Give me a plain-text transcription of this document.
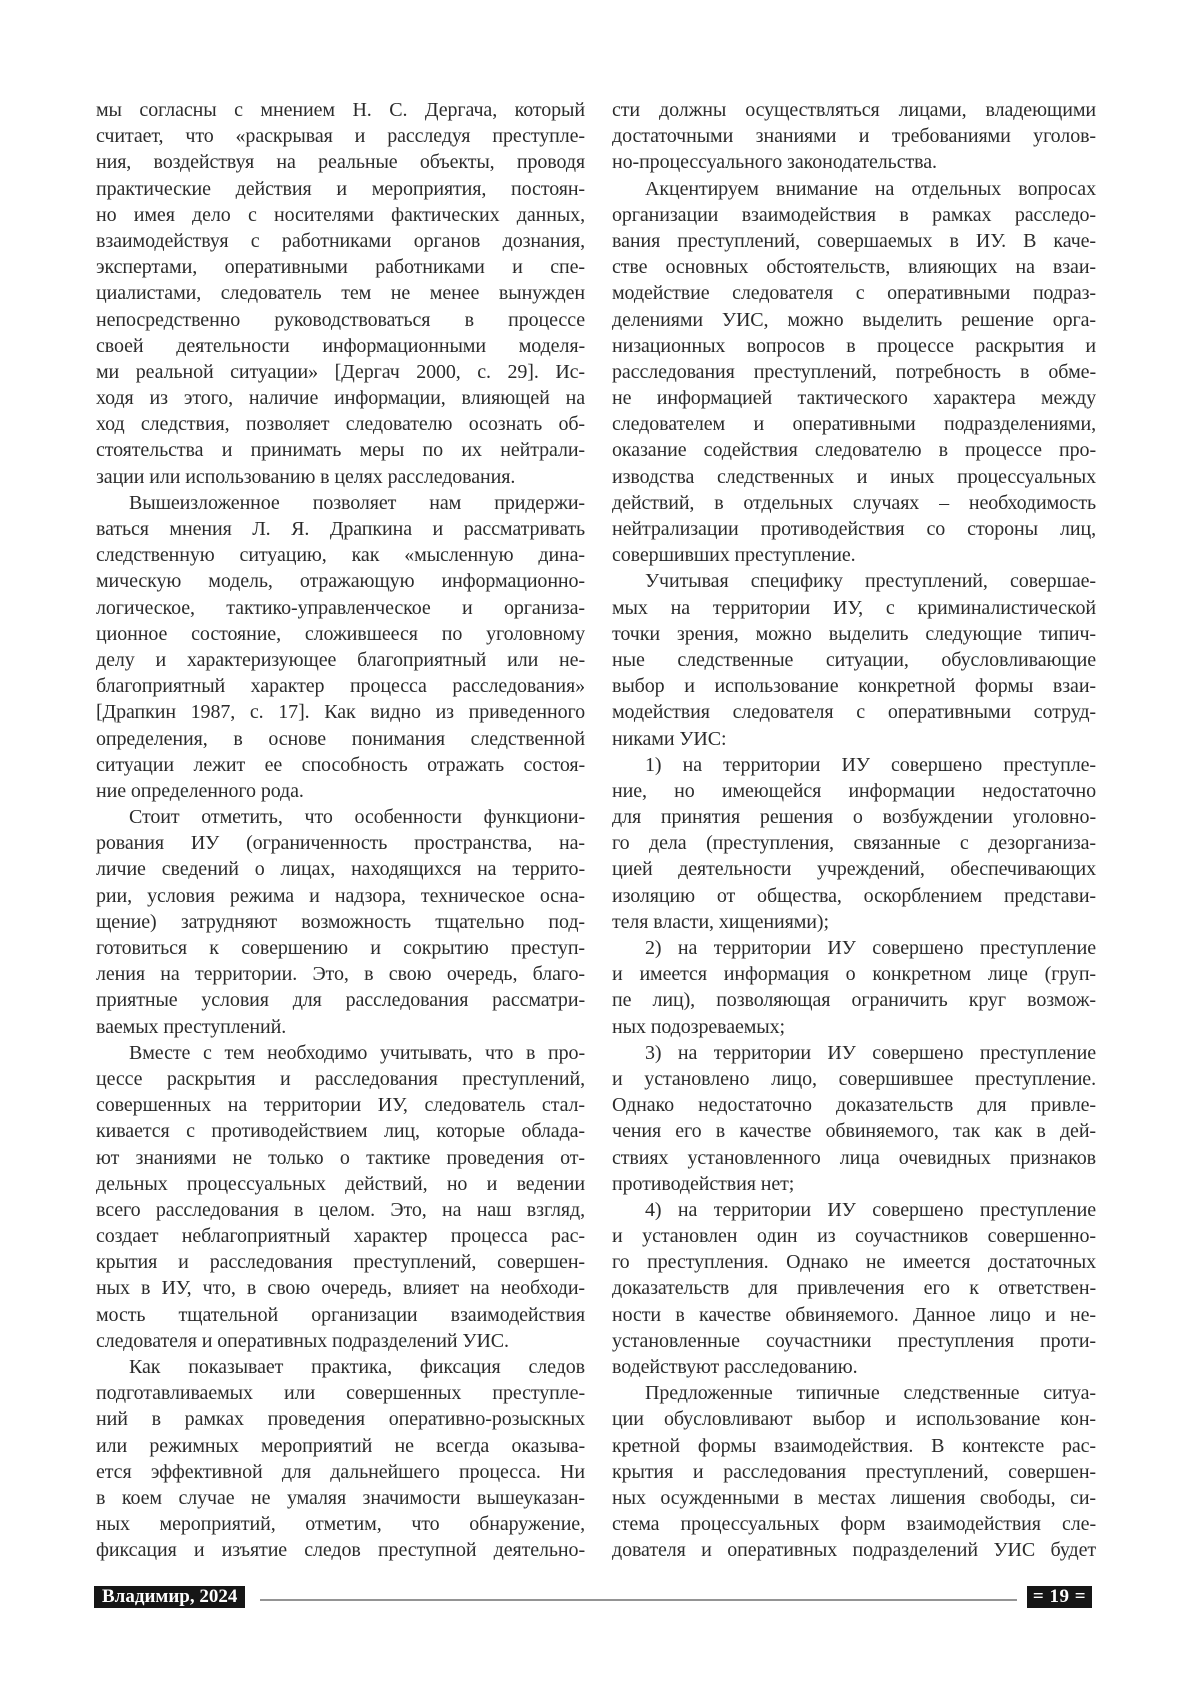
мы согласны с мнением Н. С. Дергача, который
считает, что «раскрывая и расследуя преступле-
ния, воздействуя на реальные объекты, проводя
практические действия и мероприятия, постоян-
но имея дело с носителями фактических данных,
взаимодействуя с работниками органов дознания,
экспертами, оперативными работниками и спе-
циалистами, следователь тем не менее вынужден
непосредственно руководствоваться в процессе
своей деятельности информационными моделя-
ми реальной ситуации» [Дергач 2000, с. 29]. Ис-
ходя из этого, наличие информации, влияющей на
ход следствия, позволяет следователю осознать об-
стоятельства и принимать меры по их нейтрали-
зации или использованию в целях расследования.
Вышеизложенное позволяет нам придержи-
ваться мнения Л. Я. Драпкина и рассматривать
следственную ситуацию, как «мысленную дина-
мическую модель, отражающую информационно-
логическое, тактико-управленческое и организа-
ционное состояние, сложившееся по уголовному
делу и характеризующее благоприятный или не-
благоприятный характер процесса расследования»
[Драпкин 1987, с. 17]. Как видно из приведенного
определения, в основе понимания следственной
ситуации лежит ее способность отражать состоя-
ние определенного рода.
Стоит отметить, что особенности функциони-
рования ИУ (ограниченность пространства, на-
личие сведений о лицах, находящихся на террито-
рии, условия режима и надзора, техническое осна-
щение) затрудняют возможность тщательно под-
готовиться к совершению и сокрытию преступ-
ления на территории. Это, в свою очередь, благо-
приятные условия для расследования рассматри-
ваемых преступлений.
Вместе с тем необходимо учитывать, что в про-
цессе раскрытия и расследования преступлений,
совершенных на территории ИУ, следователь стал-
кивается с противодействием лиц, которые облада-
ют знаниями не только о тактике проведения от-
дельных процессуальных действий, но и ведении
всего расследования в целом. Это, на наш взгляд,
создает неблагоприятный характер процесса рас-
крытия и расследования преступлений, совершен-
ных в ИУ, что, в свою очередь, влияет на необходи-
мость тщательной организации взаимодействия
следователя и оперативных подразделений УИС.
Как показывает практика, фиксация следов
подготавливаемых или совершенных преступле-
ний в рамках проведения оперативно-розыскных
или режимных мероприятий не всегда оказыва-
ется эффективной для дальнейшего процесса. Ни
в коем случае не умаляя значимости вышеуказан-
ных мероприятий, отметим, что обнаружение,
фиксация и изъятие следов преступной деятельно-
сти должны осуществляться лицами, владеющими
достаточными знаниями и требованиями уголов-
но-процессуального законодательства.
Акцентируем внимание на отдельных вопросах
организации взаимодействия в рамках расследо-
вания преступлений, совершаемых в ИУ. В каче-
стве основных обстоятельств, влияющих на взаи-
модействие следователя с оперативными подраз-
делениями УИС, можно выделить решение орга-
низационных вопросов в процессе раскрытия и
расследования преступлений, потребность в обме-
не информацией тактического характера между
следователем и оперативными подразделениями,
оказание содействия следователю в процессе про-
изводства следственных и иных процессуальных
действий, в отдельных случаях – необходимость
нейтрализации противодействия со стороны лиц,
совершивших преступление.
Учитывая специфику преступлений, совершае-
мых на территории ИУ, с криминалистической
точки зрения, можно выделить следующие типич-
ные следственные ситуации, обусловливающие
выбор и использование конкретной формы взаи-
модействия следователя с оперативными сотруд-
никами УИС:
1) на территории ИУ совершено преступле-
ние, но имеющейся информации недостаточно
для принятия решения о возбуждении уголовно-
го дела (преступления, связанные с дезорганиза-
цией деятельности учреждений, обеспечивающих
изоляцию от общества, оскорблением представи-
теля власти, хищениями);
2) на территории ИУ совершено преступление
и имеется информация о конкретном лице (груп-
пе лиц), позволяющая ограничить круг возмож-
ных подозреваемых;
3) на территории ИУ совершено преступление
и установлено лицо, совершившее преступление.
Однако недостаточно доказательств для привле-
чения его в качестве обвиняемого, так как в дей-
ствиях установленного лица очевидных признаков
противодействия нет;
4) на территории ИУ совершено преступление
и установлен один из соучастников совершенно-
го преступления. Однако не имеется достаточных
доказательств для привлечения его к ответствен-
ности в качестве обвиняемого. Данное лицо и не-
установленные соучастники преступления проти-
водействуют расследованию.
Предложенные типичные следственные ситуа-
ции обусловливают выбор и использование кон-
кретной формы взаимодействия. В контексте рас-
крытия и расследования преступлений, совершен-
ных осужденными в местах лишения свободы, си-
стема процессуальных форм взаимодействия сле-
дователя и оперативных подразделений УИС будет
Владимир, 2024	= 19 =
